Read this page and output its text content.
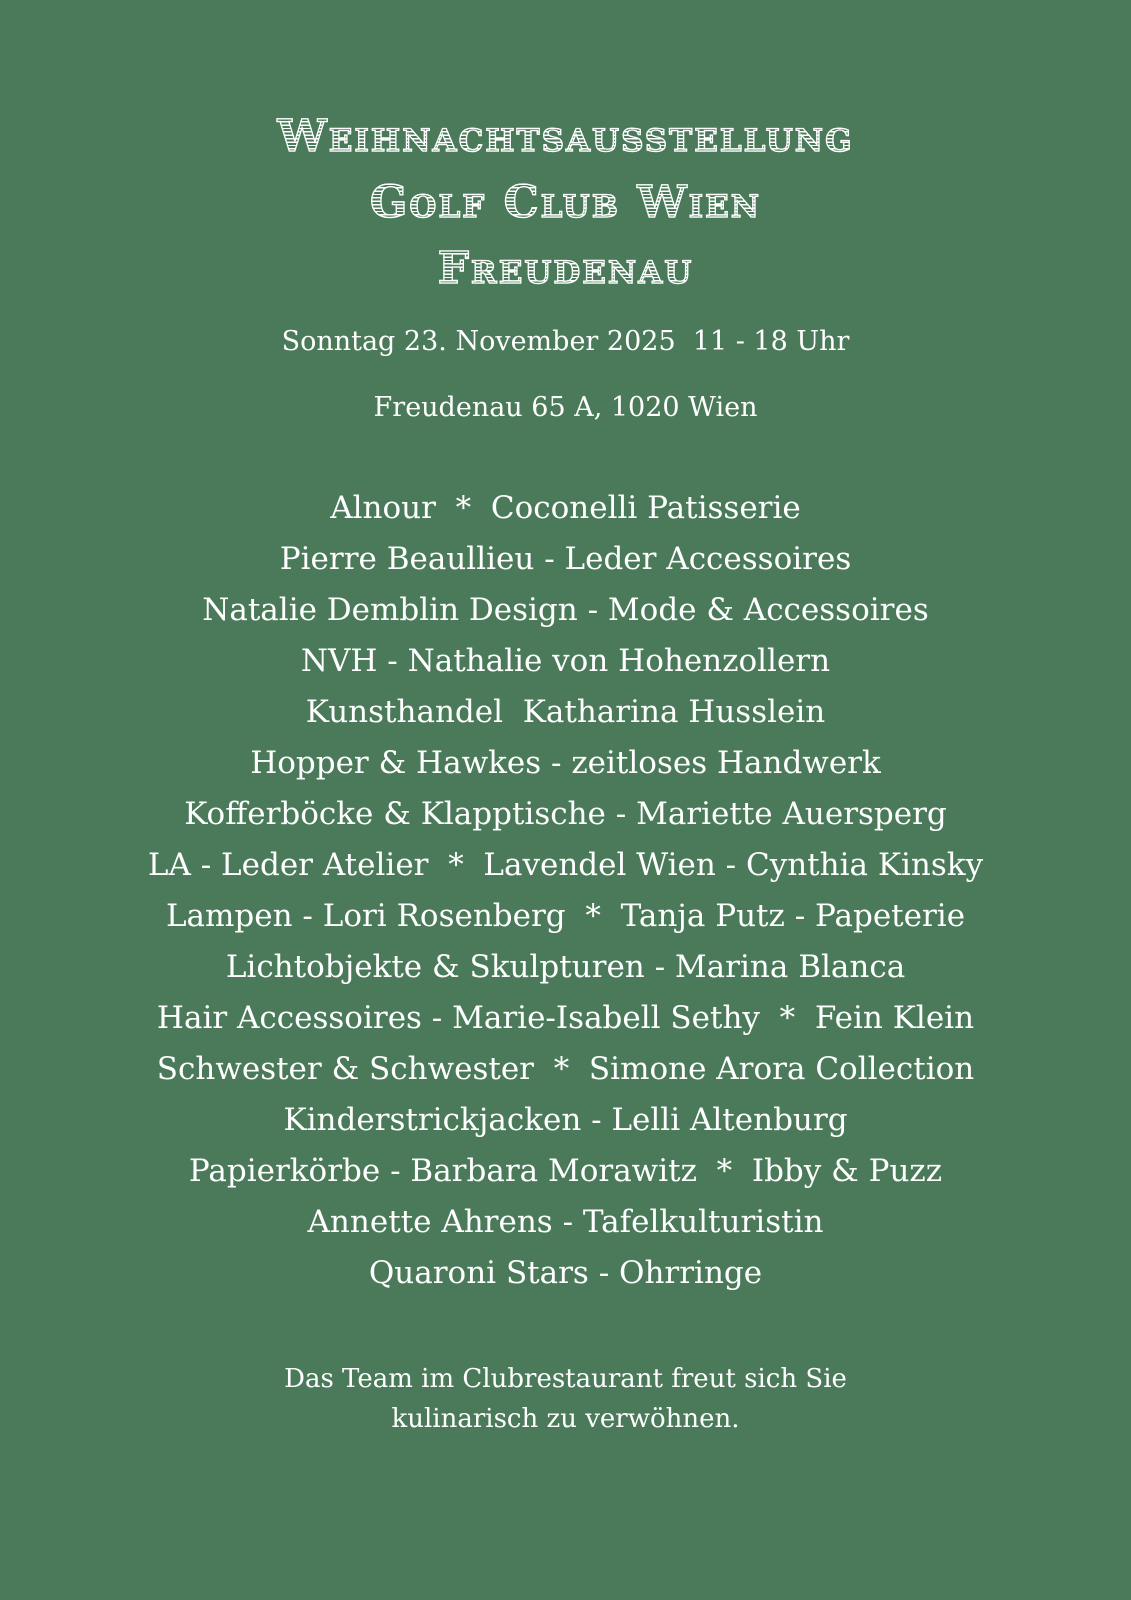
Weihnachtsausstellung
Golf Club Wien
Freudenau
Sonntag 23. November 2025  11 - 18 Uhr
Freudenau 65 A, 1020 Wien
Alnour  *  Coconelli Patisserie
Pierre Beaullieu - Leder Accessoires
Natalie Demblin Design - Mode & Accessoires
NVH - Nathalie von Hohenzollern
Kunsthandel  Katharina Husslein
Hopper & Hawkes - zeitloses Handwerk
Kofferböcke & Klapptische - Mariette Auersperg
LA - Leder Atelier  *  Lavendel Wien - Cynthia Kinsky
Lampen - Lori Rosenberg  *  Tanja Putz - Papeterie
Lichtobjekte & Skulpturen - Marina Blanca
Hair Accessoires - Marie-Isabell Sethy  *  Fein Klein
Schwester & Schwester  *  Simone Arora Collection
Kinderstrickjacken - Lelli Altenburg
Papierkörbe - Barbara Morawitz  *  Ibby & Puzz
Annette Ahrens - Tafelkulturistin
Quaroni Stars - Ohrringe
Das Team im Clubrestaurant freut sich Sie
kulinarisch zu verwöhnen.
